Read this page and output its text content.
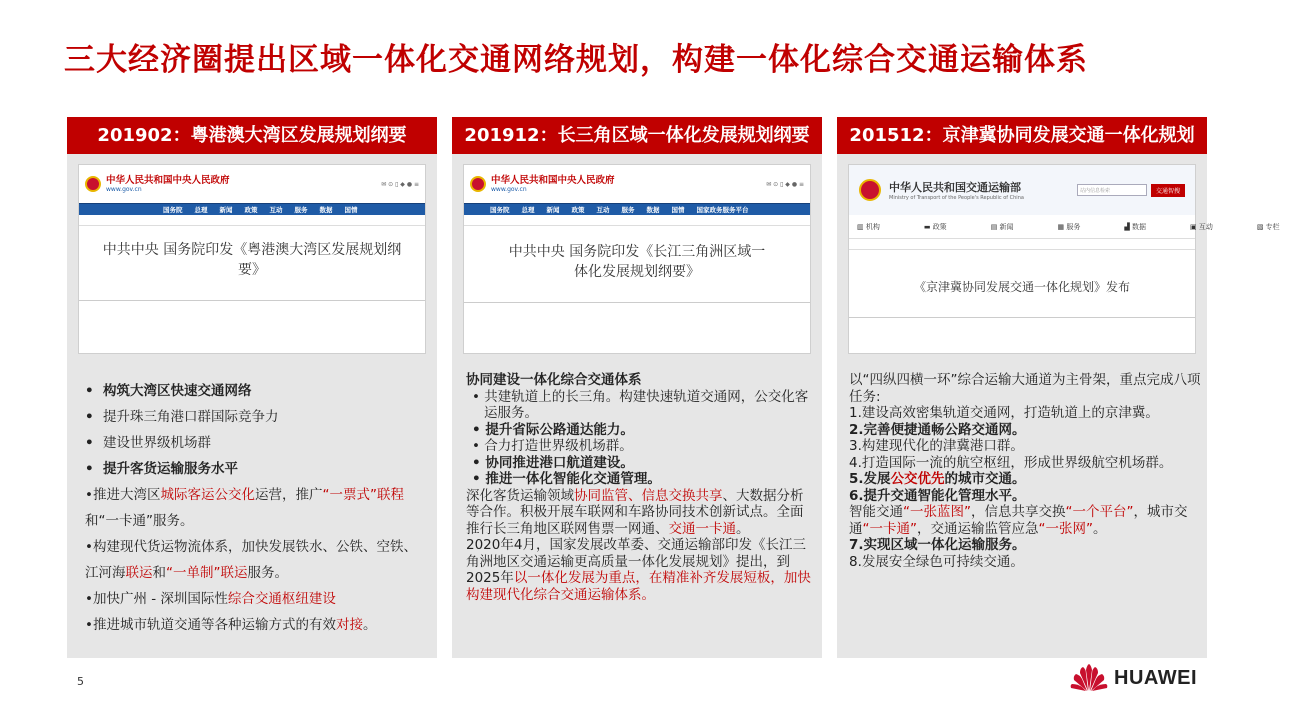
三大经济圈提出区域一体化交通网络规划，构建一体化综合交通运输体系
201902：粤港澳大湾区发展规划纲要
中华人民共和国中央人民政府
www.gov.cn
✉ ⊙ ▯ ◆ ● ≡
国务院	总理	新闻	政策	互动	服务	数据	国情

中共中央 国务院印发《粤港澳大湾区发展规划纲要》

• 构筑大湾区快速交通网络
• 提升珠三角港口群国际竞争力
• 建设世界级机场群
• 提升客货运输服务水平
•推进大湾区城际客运公交化运营，推广“一票式”联程和“一卡通”服务。
•构建现代货运物流体系，加快发展铁水、公铁、空铁、江河海联运和“一单制”联运服务。
•加快广州 - 深圳国际性综合交通枢纽建设
•推进城市轨道交通等各种运输方式的有效对接。
201912：长三角区域一体化发展规划纲要
中华人民共和国中央人民政府
www.gov.cn
✉ ⊙ ▯ ◆ ● ≡
国务院	总理	新闻	政策	互动	服务	数据	国情	国家政务服务平台

中共中央 国务院印发《长江三角洲区域一体化发展规划纲要》

协同建设一体化综合交通体系
• 共建轨道上的长三角。构建快速轨道交通网，公交化客运服务。
• 提升省际公路通达能力。
• 合力打造世界级机场群。
• 协同推进港口航道建设。
• 推进一体化智能化交通管理。
深化客货运输领域协同监管、信息交换共享、大数据分析等合作。积极开展车联网和车路协同技术创新试点。全面推行长三角地区联网售票一网通、交通一卡通。
2020年4月，国家发展改革委、交通运输部印发《长江三角洲地区交通运输更高质量一体化发展规划》提出，到2025年以一体化发展为重点，在精准补齐发展短板，加快构建现代化综合交通运输体系。
201512：京津冀协同发展交通一体化规划
中华人民共和国交通运输部
Ministry of Transport of the People's Republic of China
站内信息检索	交通智搜
▥ 机构	▬ 政策	▤ 新闻	▦ 服务	▟ 数据	▣ 互动	▧ 专栏

《京津冀协同发展交通一体化规划》发布

以“四纵四横一环”综合运输大通道为主骨架，重点完成八项任务:
1.建设高效密集轨道交通网，打造轨道上的京津冀。
2.完善便捷通畅公路交通网。
3.构建现代化的津冀港口群。
4.打造国际一流的航空枢纽，形成世界级航空机场群。
5.发展公交优先的城市交通。
6.提升交通智能化管理水平。
智能交通“一张蓝图”，信息共享交换“一个平台”，城市交通“一卡通”，交通运输监管应急“一张网”。
7.实现区域一体化运输服务。
8.发展安全绿色可持续交通。
5	HUAWEI
